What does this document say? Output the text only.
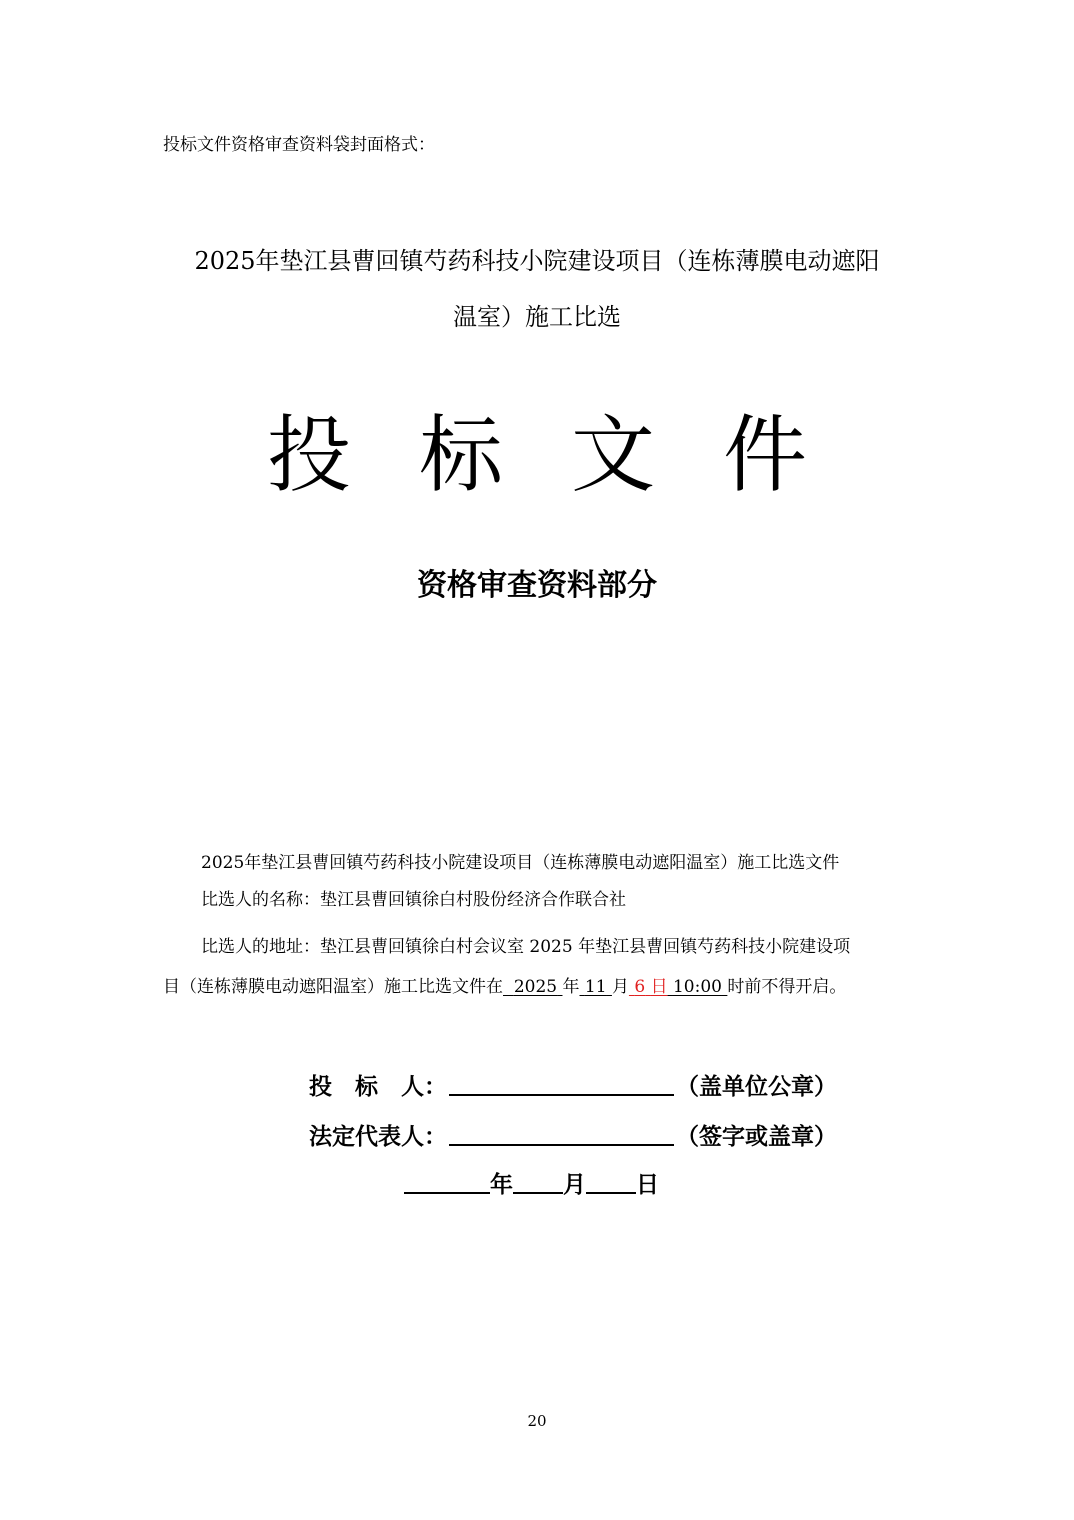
投标文件资格审查资料袋封面格式：
2025年垫江县曹回镇芍药科技小院建设项目（连栋薄膜电动遮阳
温室）施工比选
投标文件
资格审查资料部分
2025年垫江县曹回镇芍药科技小院建设项目（连栋薄膜电动遮阳温室）施工比选文件
比选人的名称：垫江县曹回镇徐白村股份经济合作联合社
比选人的地址：垫江县曹回镇徐白村会议室 2025 年垫江县曹回镇芍药科技小院建设项
目（连栋薄膜电动遮阳温室）施工比选文件在 2025 年 11 月 6 日 10:00 时前不得开启。
投　标　人：	（盖单位公章）
法定代表人：	（签字或盖章）
年 月 日
20
